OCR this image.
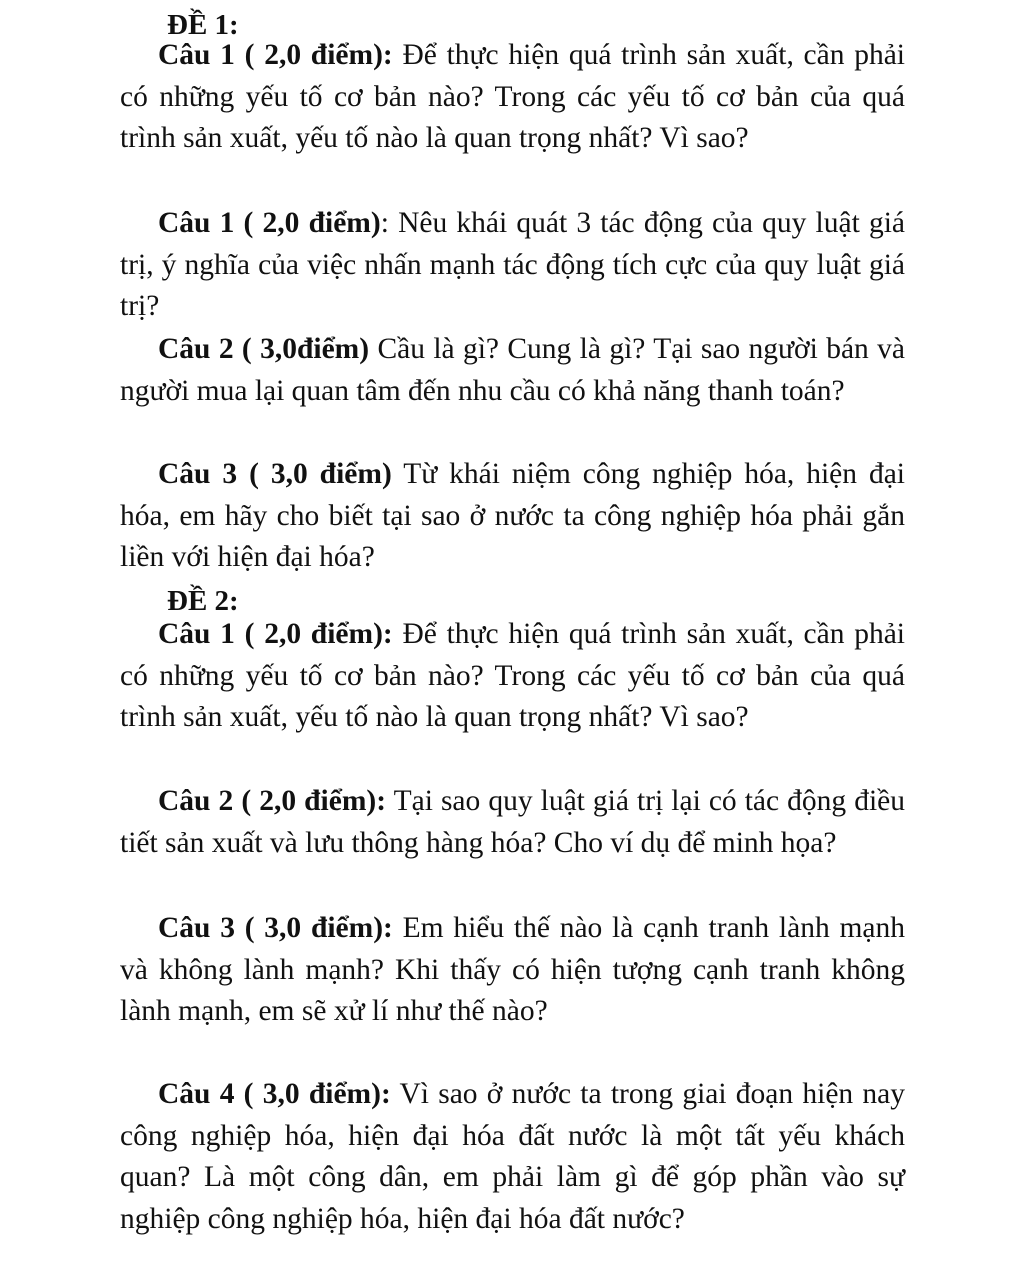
ĐỀ 1:

Câu 1 ( 2,0 điểm): Để thực hiện quá trình sản xuất, cần phải có những yếu tố cơ bản nào? Trong các yếu tố cơ bản của quá trình sản xuất, yếu tố nào là quan trọng nhất? Vì sao?

Câu 1 ( 2,0 điểm): Nêu khái quát 3 tác động của quy luật giá trị, ý nghĩa của việc nhấn mạnh tác động tích cực của quy luật giá trị?

Câu 2 ( 3,0điểm) Cầu là gì? Cung là gì? Tại sao người bán và người mua lại quan tâm đến nhu cầu có khả năng thanh toán?

Câu 3 ( 3,0 điểm) Từ khái niệm công nghiệp hóa, hiện đại hóa, em hãy cho biết tại sao ở nước ta công nghiệp hóa phải gắn liền với hiện đại hóa?

ĐỀ 2:

Câu 1 ( 2,0 điểm): Để thực hiện quá trình sản xuất, cần phải có những yếu tố cơ bản nào? Trong các yếu tố cơ bản của quá trình sản xuất, yếu tố nào là quan trọng nhất? Vì sao?

Câu 2 ( 2,0 điểm): Tại sao quy luật giá trị lại có tác động điều tiết sản xuất và lưu thông hàng hóa? Cho ví dụ để minh họa?

Câu 3 ( 3,0 điểm): Em hiểu thế nào là cạnh tranh lành mạnh và không lành mạnh? Khi thấy có hiện tượng cạnh tranh không lành mạnh, em sẽ xử lí như thế nào?

Câu 4 ( 3,0 điểm): Vì sao ở nước ta trong giai đoạn hiện nay công nghiệp hóa, hiện đại hóa đất nước là một tất yếu khách quan? Là một công dân, em phải làm gì để góp phần vào sự nghiệp công nghiệp hóa, hiện đại hóa đất nước?
